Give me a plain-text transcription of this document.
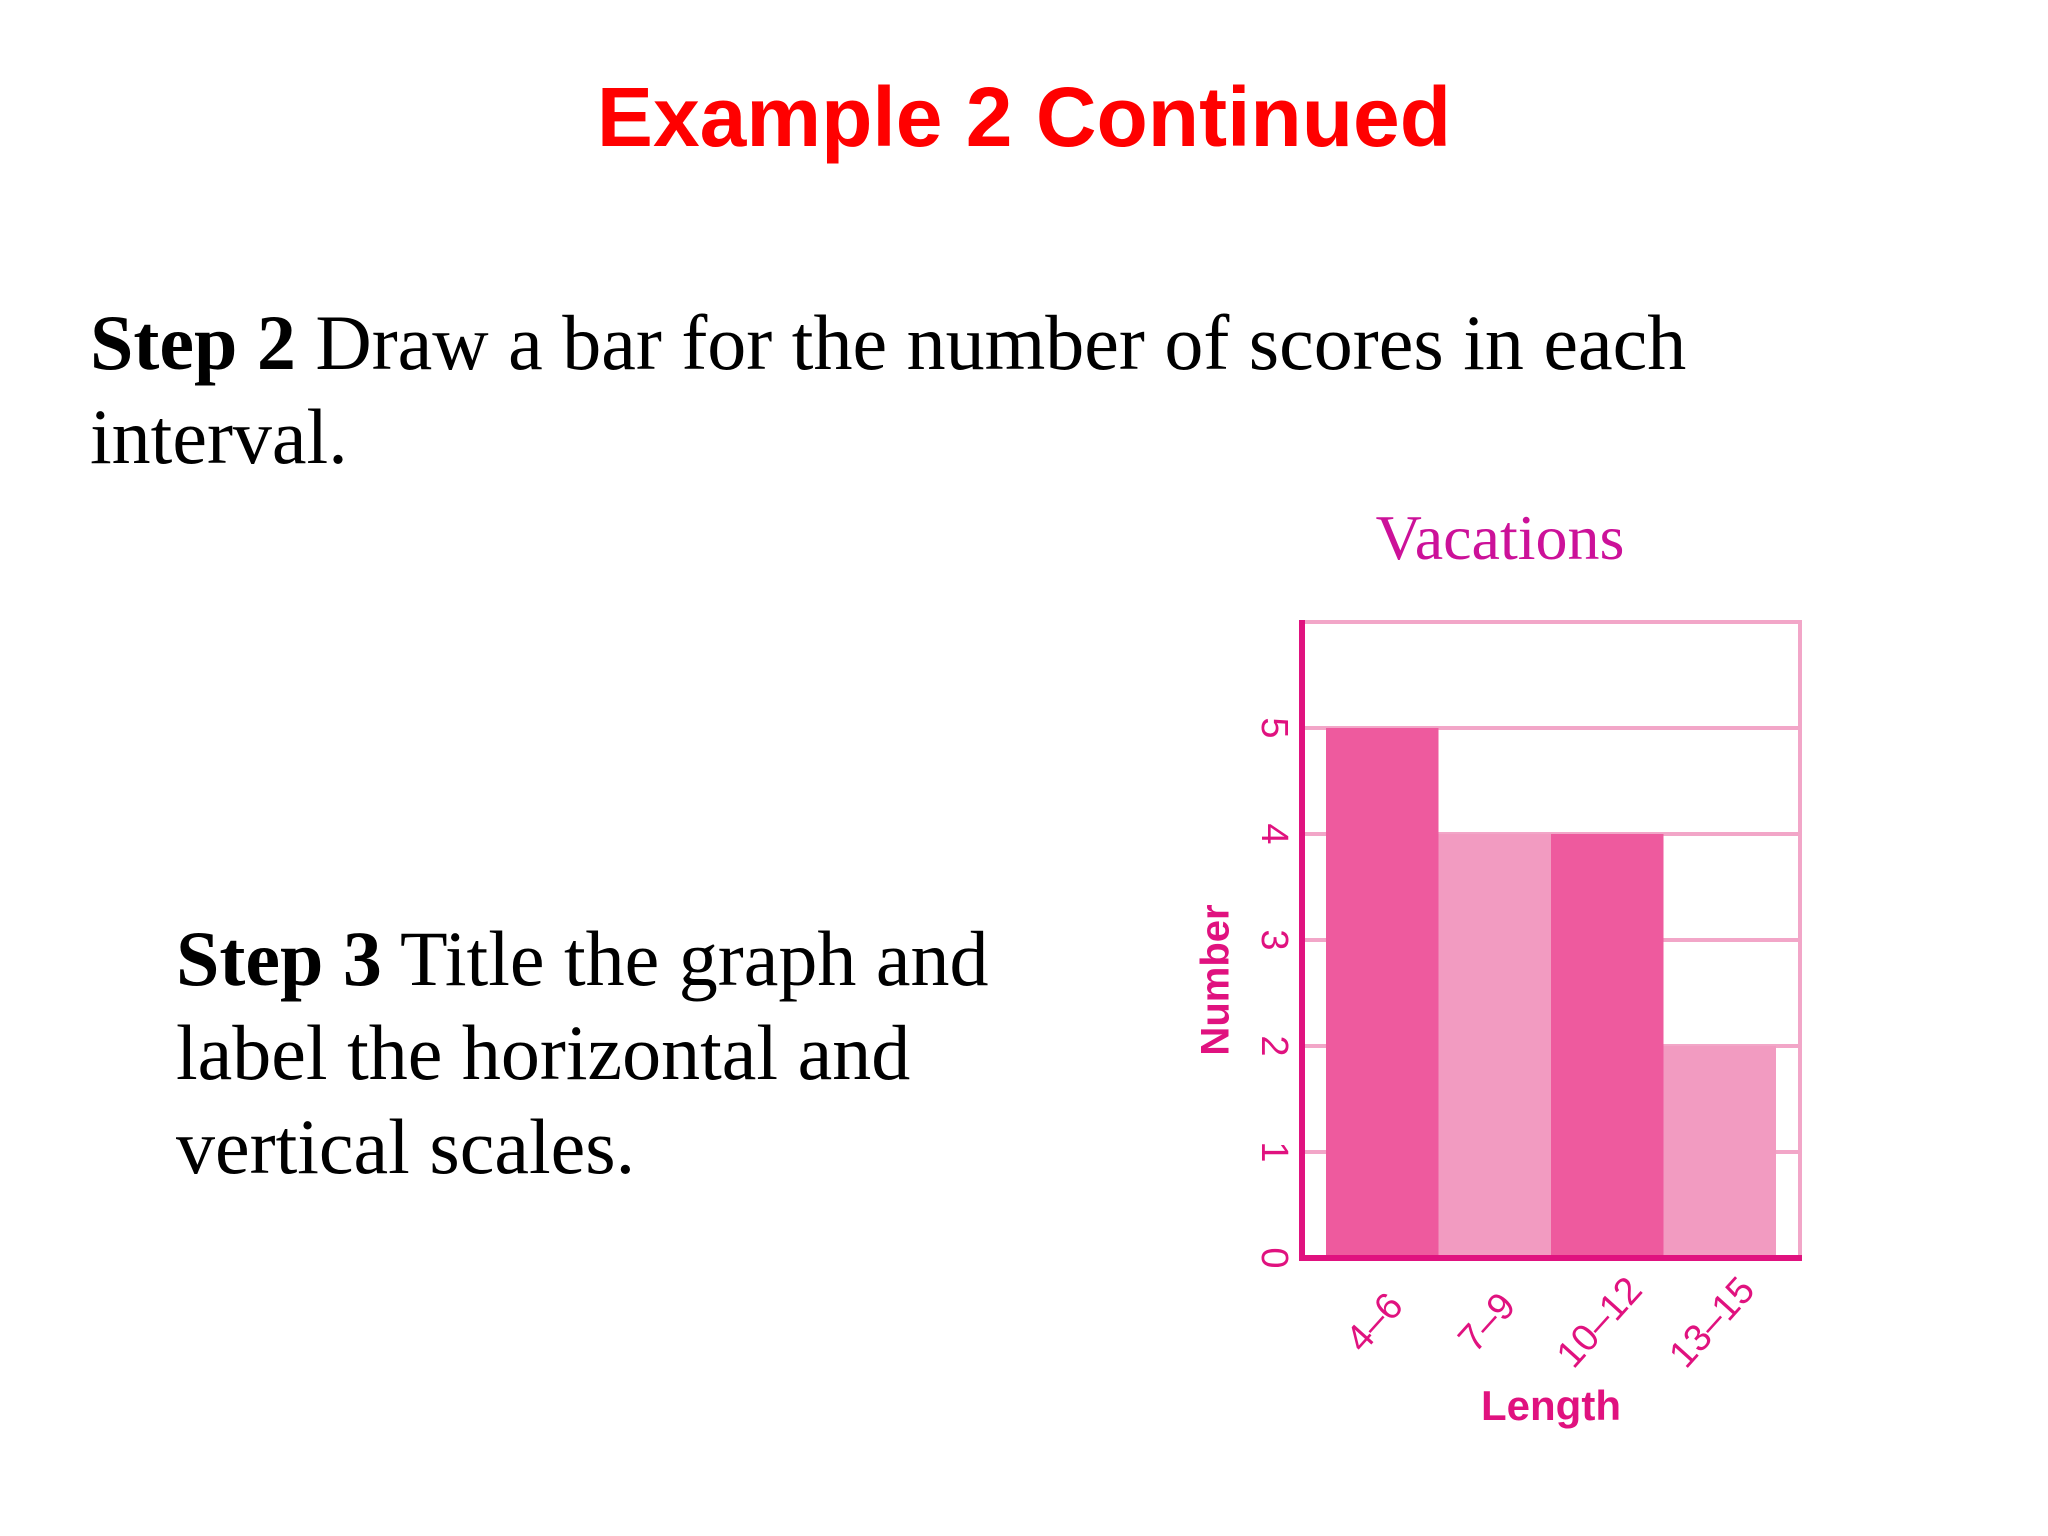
Example 2 Continued

Step 2 Draw a bar for the number of scores in each interval.

Step 3 Title the graph and label the horizontal and vertical scales.

Vacations
0
1
2
3
4
5
4–6 7–9 10–12 13–15
Number
Length
